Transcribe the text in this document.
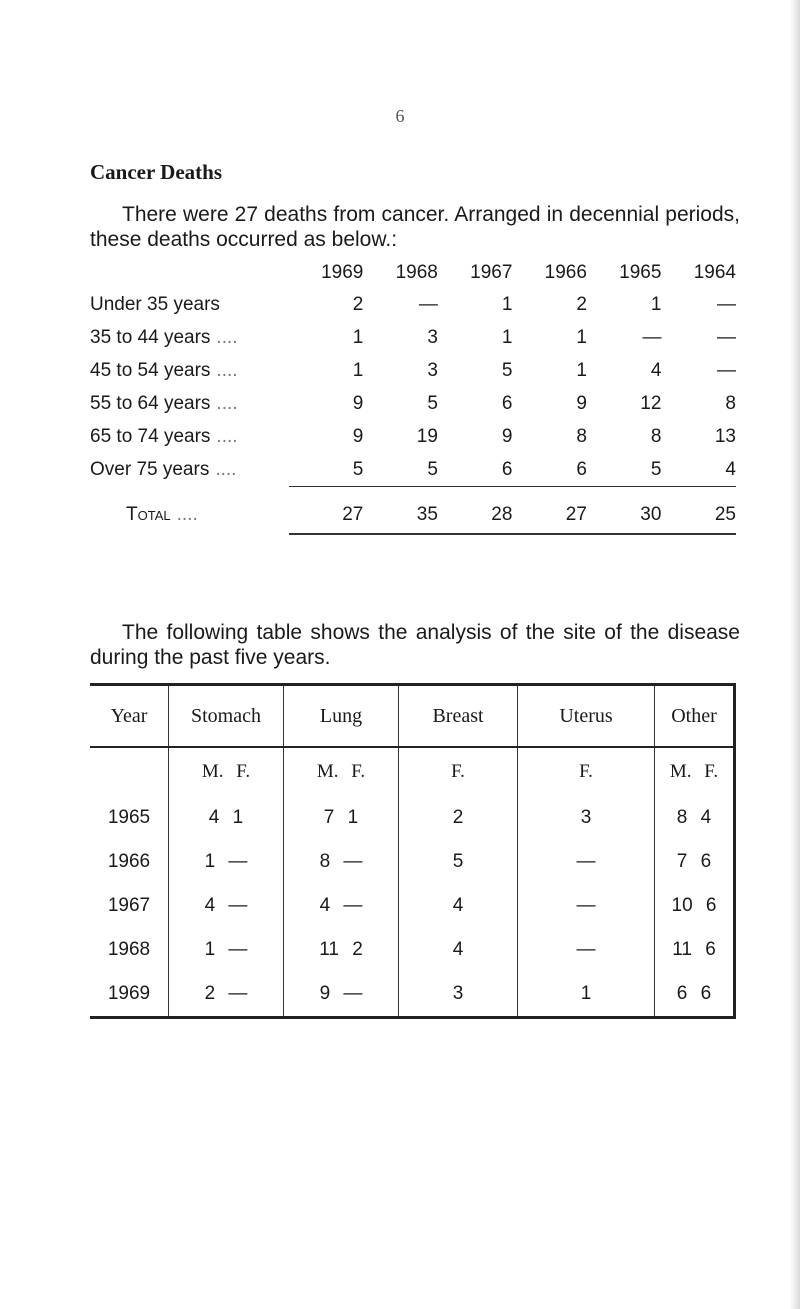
6
Cancer Deaths

There were 27 deaths from cancer. Arranged in decennial periods, these deaths occurred as below.:

	1969	1968	1967	1966	1965	1964
Under 35 years	2	—	1	2	1	—
35 to 44 years ....	1	3	1	1	—	—
45 to 54 years ....	1	3	5	1	4	—
55 to 64 years ....	9	5	6	9	12	8
65 to 74 years ....	9	19	9	8	8	13
Over 75 years ....	5	5	6	6	5	4
Total ....	27	35	28	27	30	25

The following table shows the analysis of the site of the disease during the past five years.

Year	Stomach	Lung	Breast	Uterus	Other
	M. F.	M. F.	F.	F.	M. F.
1965	4 1	7 1	2	3	8 4
1966	1 —	8 —	5	—	7 6
1967	4 —	4 —	4	—	10 6
1968	1 —	11 2	4	—	11 6
1969	2 —	9 —	3	1	6 6
